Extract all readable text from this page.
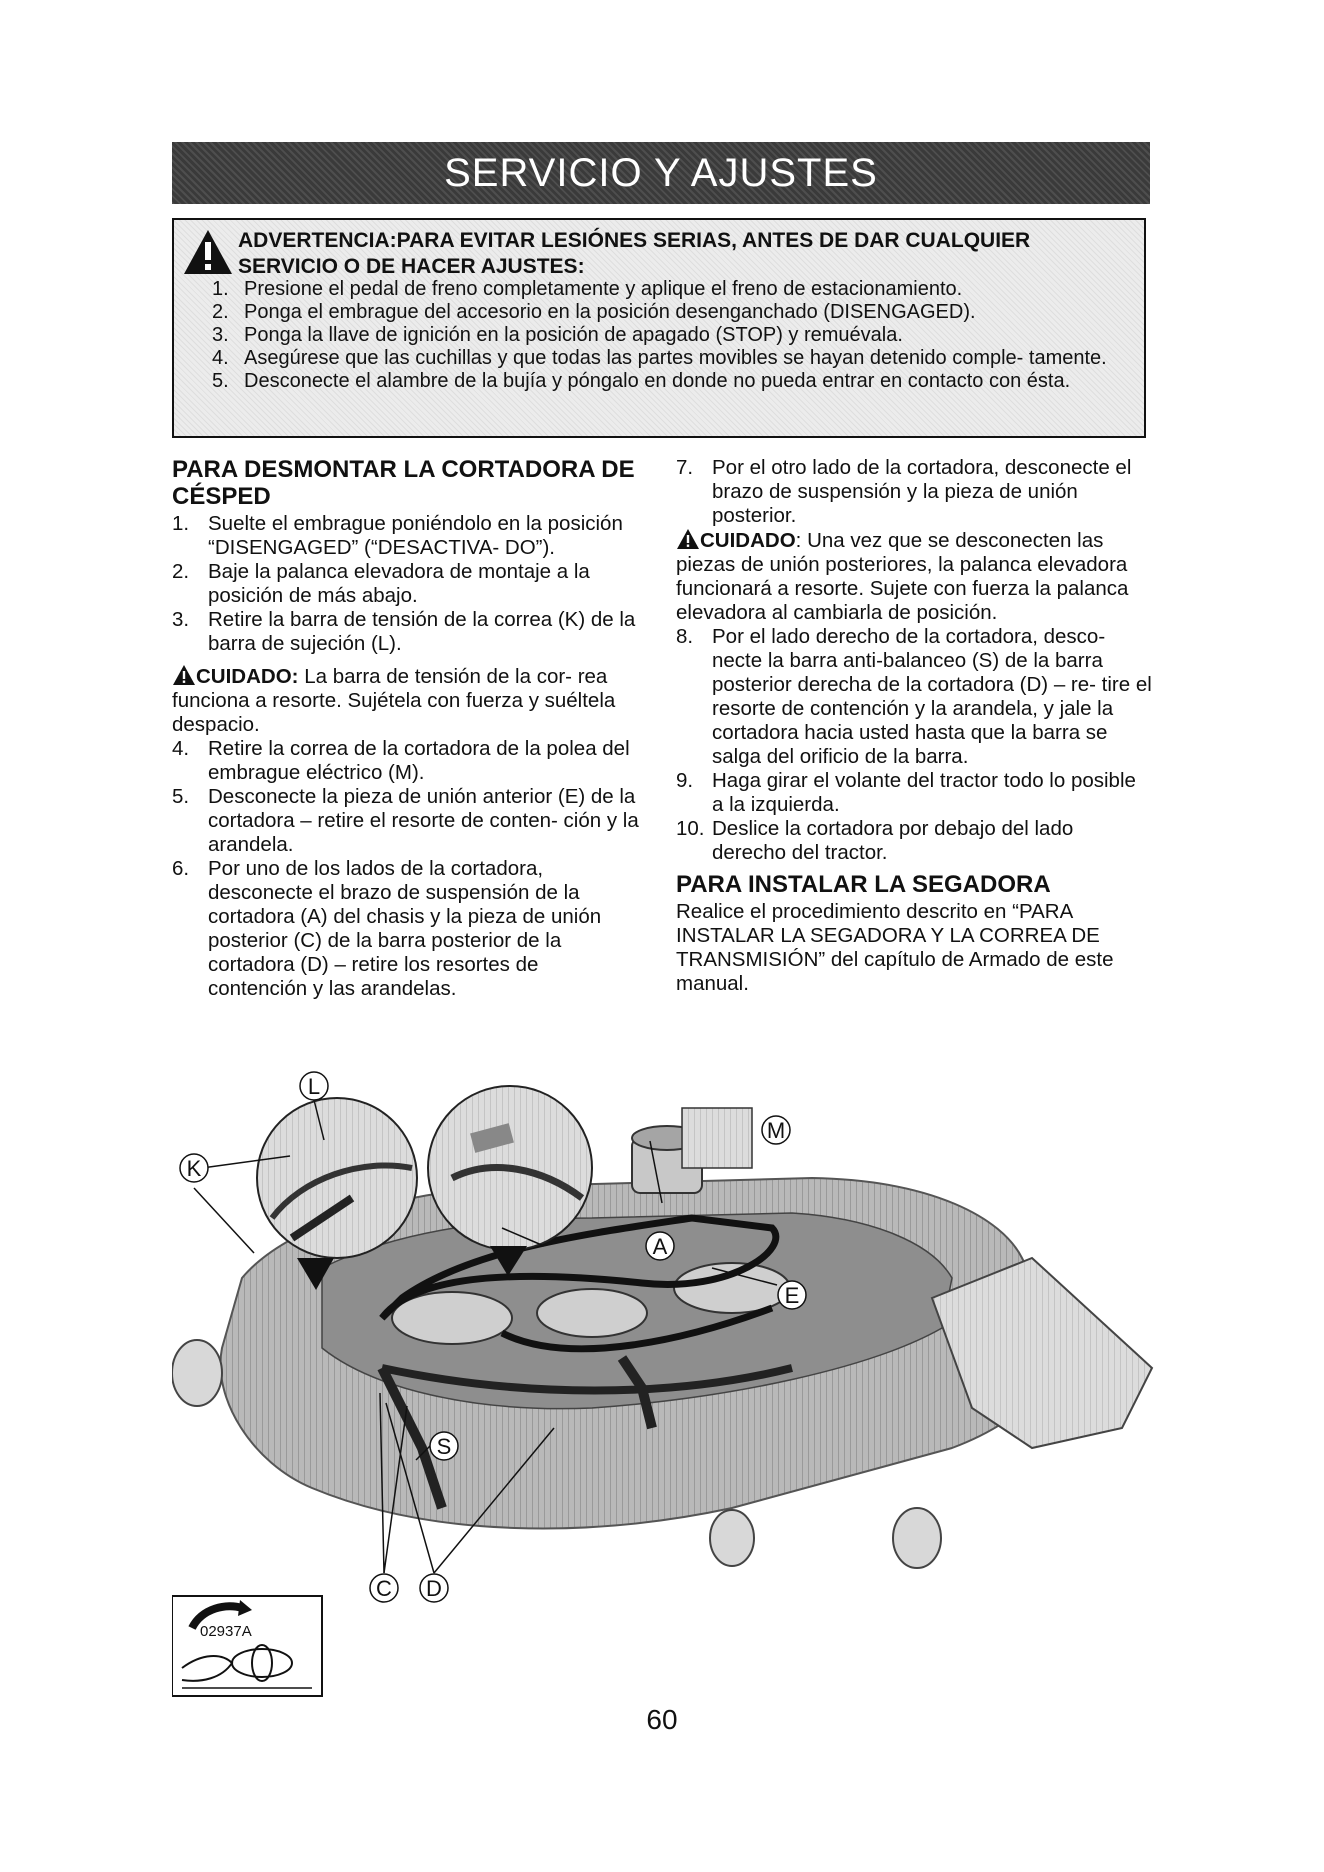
SERVICIO Y AJUSTES
ADVERTENCIA:PARA EVITAR LESIÓNES SERIAS, ANTES DE DAR CUALQUIER
SERVICIO O DE HACER AJUSTES:
1. Presione el pedal de freno completamente y aplique el freno de estacionamiento.
2. Ponga el embrague del accesorio en la posición desenganchado (DISENGAGED).
3. Ponga la llave de ignición en la posición de apagado (STOP) y remuévala.
4. Asegúrese que las cuchillas y que todas las partes movibles se hayan detenido comple- tamente.
5. Desconecte el alambre de la bujía y póngalo en donde no pueda entrar en contacto con ésta.
PARA DESMONTAR LA CORTADORA DE CÉSPED

1. Suelte el embrague poniéndolo en la posición “DISENGAGED” (“DESACTIVA- DO”).

2. Baje la palanca elevadora de montaje a la posición de más abajo.

3. Retire la barra de tensión de la correa (K) de la barra de sujeción (L).

CUIDADO: La barra de tensión de la cor- rea funciona a resorte. Sujétela con fuerza y suéltela despacio.

4. Retire la correa de la cortadora de la polea del embrague eléctrico (M).

5. Desconecte la pieza de unión anterior (E) de la cortadora – retire el resorte de conten- ción y la arandela.

6. Por uno de los lados de la cortadora, desconecte el brazo de suspensión de la cortadora (A) del chasis y la pieza de unión posterior (C) de la barra posterior de la cortadora (D) – retire los resortes de contención y las arandelas.

7. Por el otro lado de la cortadora, desconecte el brazo de suspensión y la pieza de unión posterior.

CUIDADO: Una vez que se desconecten las piezas de unión posteriores, la palanca elevadora funcionará a resorte. Sujete con fuerza la palanca elevadora al cambiarla de posición.

8. Por el lado derecho de la cortadora, desco- necte la barra anti-balanceo (S) de la barra posterior derecha de la cortadora (D) – re- tire el resorte de contención y la arandela, y jale la cortadora hacia usted hasta que la barra se salga del orificio de la barra.

9. Haga girar el volante del tractor todo lo posible a la izquierda.

10. Deslice la cortadora por debajo del lado derecho del tractor.

PARA INSTALAR LA SEGADORA

Realice el procedimiento descrito en “PARA INSTALAR LA SEGADORA Y LA CORREA DE TRANSMISIÓN” del capítulo de Armado de este manual.

K
L
M
A
E
S
C D
02937A
60
